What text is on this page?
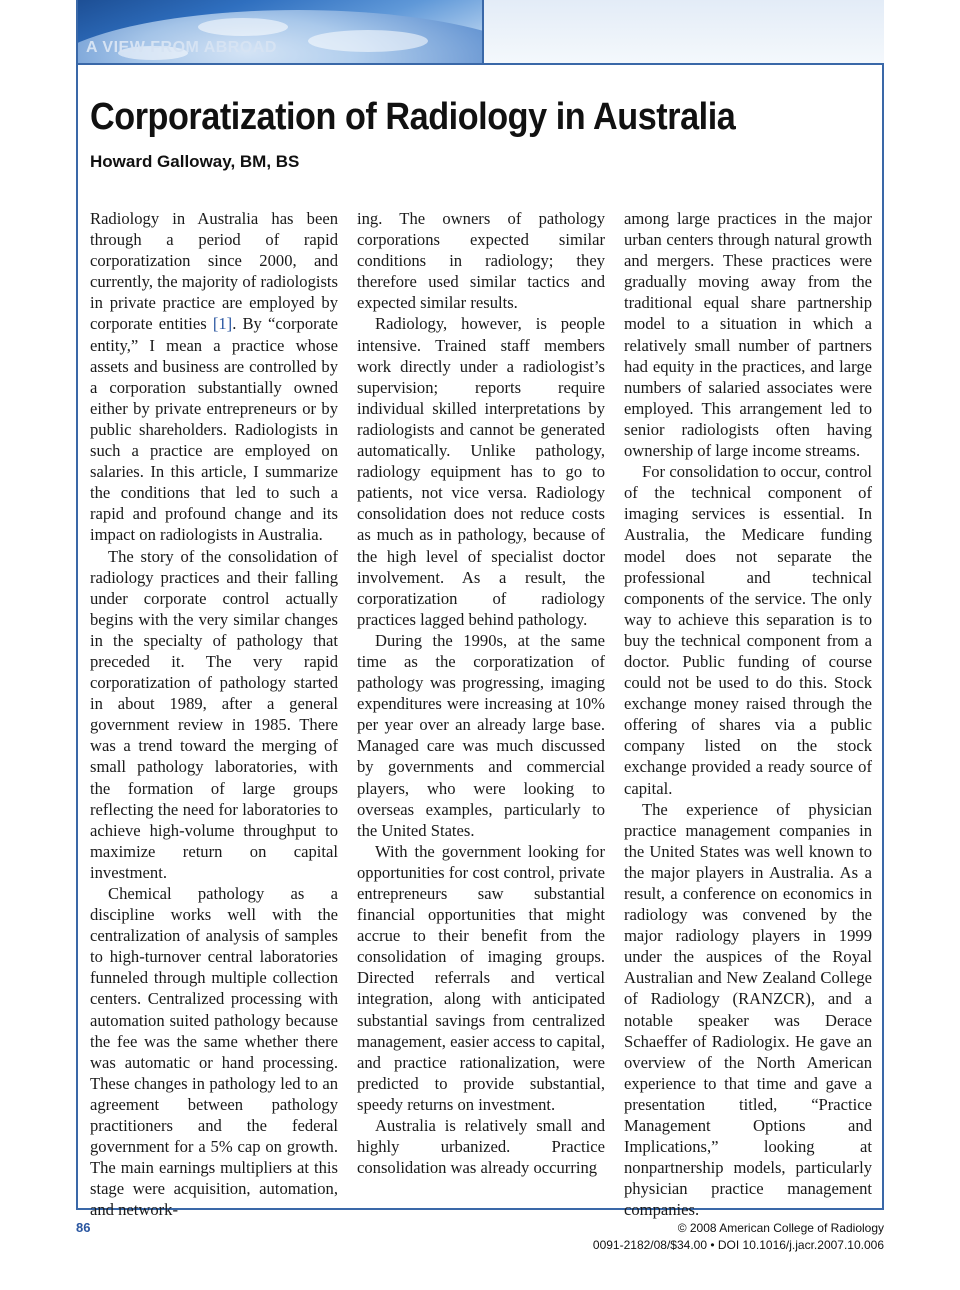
A VIEW FROM ABROAD
Corporatization of Radiology in Australia

Howard Galloway, BM, BS

Radiology in Australia has been through a period of rapid corporatization since 2000, and currently, the majority of radiologists in private practice are employed by corporate entities [1]. By “corporate entity,” I mean a practice whose assets and business are controlled by a corporation substantially owned either by private entrepreneurs or by public shareholders. Radiologists in such a practice are employed on salaries. In this article, I summarize the conditions that led to such a rapid and profound change and its impact on radiologists in Australia.

The story of the consolidation of radiology practices and their falling under corporate control actually begins with the very similar changes in the specialty of pathology that preceded it. The very rapid corporatization of pathology started in about 1989, after a general government review in 1985. There was a trend toward the merging of small pathology laboratories, with the formation of large groups reflecting the need for laboratories to achieve high-volume throughput to maximize return on capital investment.

Chemical pathology as a discipline works well with the centralization of analysis of samples to high-turnover central laboratories funneled through multiple collection centers. Centralized processing with automation suited pathology because the fee was the same whether there was automatic or hand processing. These changes in pathology led to an agreement between pathology practitioners and the federal government for a 5% cap on growth. The main earnings multipliers at this stage were acquisition, automation, and network-

ing. The owners of pathology corporations expected similar conditions in radiology; they therefore used similar tactics and expected similar results.

Radiology, however, is people intensive. Trained staff members work directly under a radiologist’s supervision; reports require individual skilled interpretations by radiologists and cannot be generated automatically. Unlike pathology, radiology equipment has to go to patients, not vice versa. Radiology consolidation does not reduce costs as much as in pathology, because of the high level of specialist doctor involvement. As a result, the corporatization of radiology practices lagged behind pathology.

During the 1990s, at the same time as the corporatization of pathology was progressing, imaging expenditures were increasing at 10% per year over an already large base. Managed care was much discussed by governments and commercial players, who were looking to overseas examples, particularly to the United States.

With the government looking for opportunities for cost control, private entrepreneurs saw substantial financial opportunities that might accrue to their benefit from the consolidation of imaging groups. Directed referrals and vertical integration, along with anticipated substantial savings from centralized management, easier access to capital, and practice rationalization, were predicted to provide substantial, speedy returns on investment.

Australia is relatively small and highly urbanized. Practice consolidation was already occurring

among large practices in the major urban centers through natural growth and mergers. These practices were gradually moving away from the traditional equal share partnership model to a situation in which a relatively small number of partners had equity in the practices, and large numbers of salaried associates were employed. This arrangement led to senior radiologists often having ownership of large income streams.

For consolidation to occur, control of the technical component of imaging services is essential. In Australia, the Medicare funding model does not separate the professional and technical components of the service. The only way to achieve this separation is to buy the technical component from a doctor. Public funding of course could not be used to do this. Stock exchange money raised through the offering of shares via a public company listed on the stock exchange provided a ready source of capital.

The experience of physician practice management companies in the United States was well known to the major players in Australia. As a result, a conference on economics in radiology was convened by the major radiology players in 1999 under the auspices of the Royal Australian and New Zealand College of Radiology (RANZCR), and a notable speaker was Derace Schaeffer of Radiologix. He gave an overview of the North American experience to that time and gave a presentation titled, “Practice Management Options and Implications,” looking at nonpartnership models, particularly physician practice management companies.

86	© 2008 American College of Radiology
0091-2182/08/$34.00 • DOI 10.1016/j.jacr.2007.10.006
